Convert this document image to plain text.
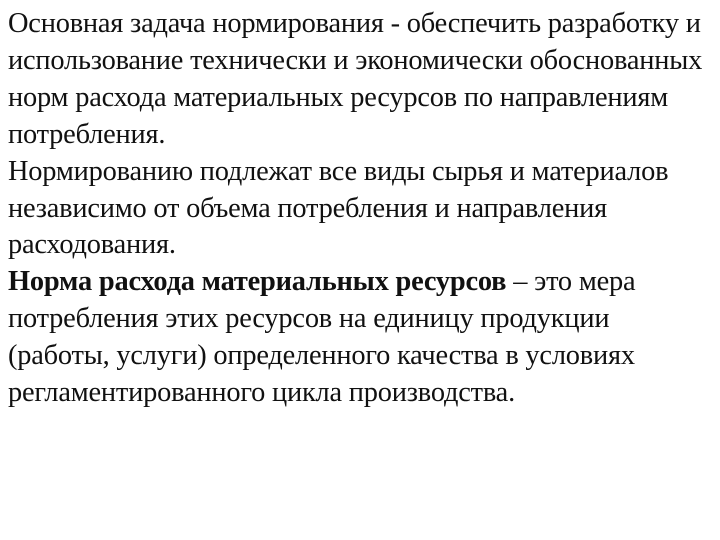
Основная задача нормирования - обеспечить разработку и использование технически и экономически обоснованных норм расхода материальных ресурсов по направлениям потребления.

Нормированию подлежат все виды сырья и материалов независимо от объема потребления и направления расходования.

Норма расхода материальных ресурсов – это мера потребления этих ресурсов на единицу продукции (работы, услуги) определенного качества в условиях регламентированного цикла производства.
